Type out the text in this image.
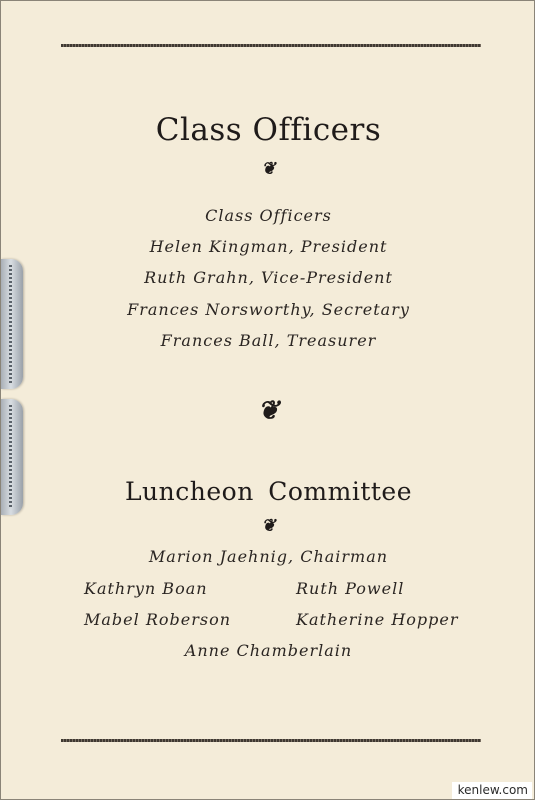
Class Officers
❦
Class Officers
Helen Kingman, President
Ruth Grahn, Vice-President
Frances Norsworthy, Secretary
Frances Ball, Treasurer
❦
Luncheon Committee
❦
Marion Jaehnig, Chairman
Kathryn Boan	Ruth Powell
Mabel Roberson	Katherine Hopper
Anne Chamberlain
kenlew.com
